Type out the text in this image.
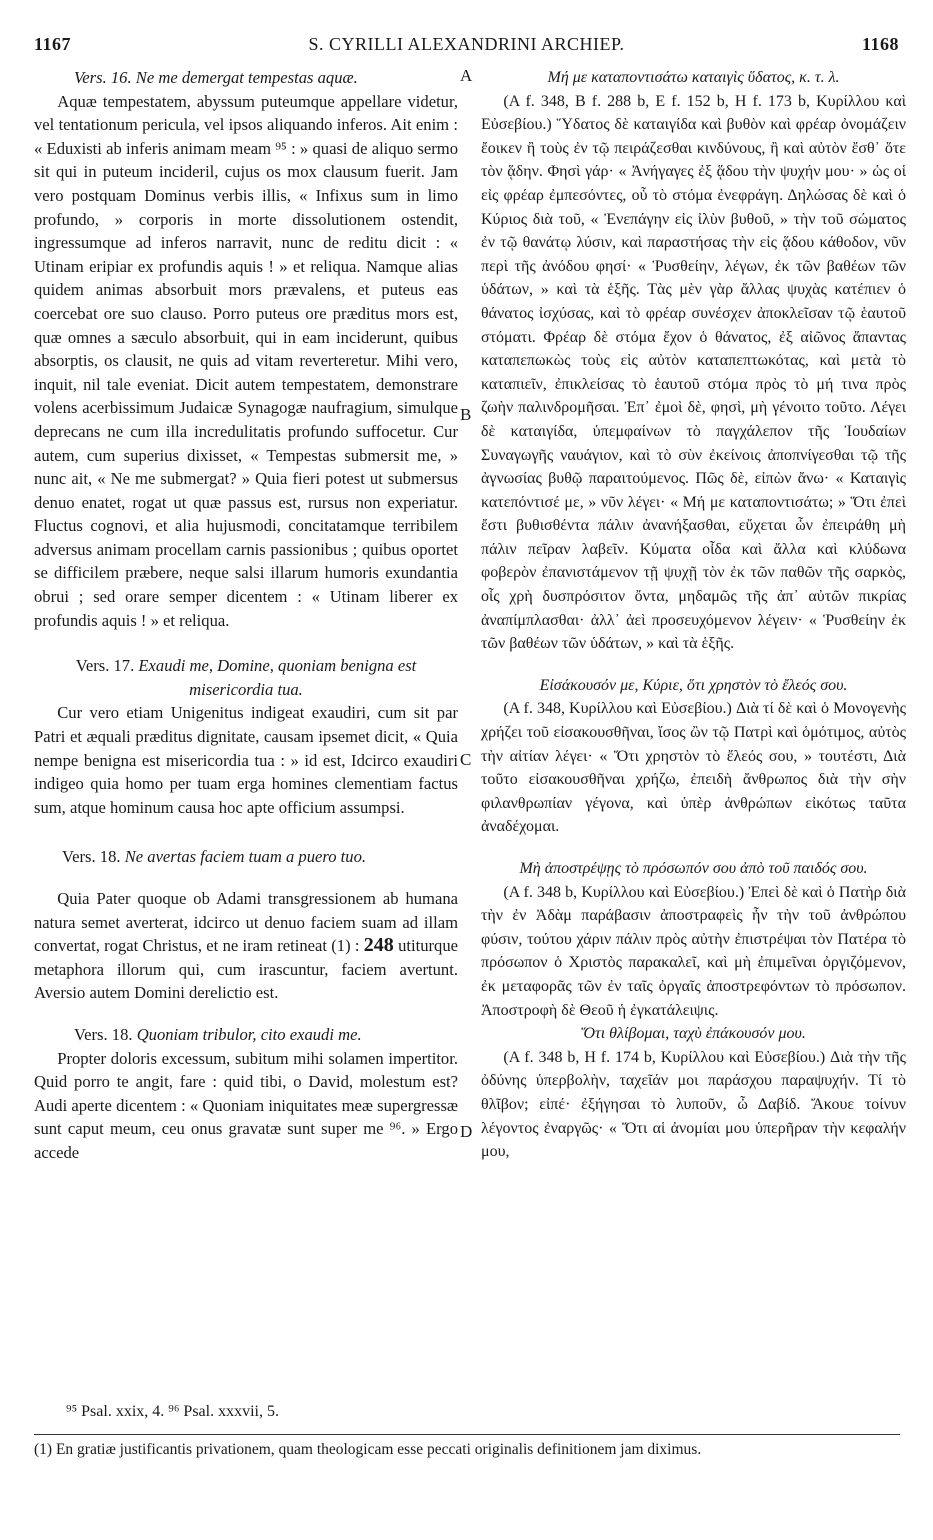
1167	S. CYRILLI ALEXANDRINI ARCHIEP.	1168
A
B
C
D

Vers. 16. Ne me demergat tempestas aquæ.

Aquæ tempestatem, abyssum puteumque appellare videtur, vel tentationum pericula, vel ipsos aliquando inferos. Ait enim : « Eduxisti ab inferis animam meam ⁹⁵ : » quasi de aliquo sermo sit qui in puteum incideril, cujus os mox clausum fuerit. Jam vero postquam Dominus verbis illis, « Infixus sum in limo profundo, » corporis in morte dissolutionem ostendit, ingressumque ad inferos narravit, nunc de reditu dicit : « Utinam eripiar ex profundis aquis ! » et reliqua. Namque alias quidem animas absorbuit mors prævalens, et puteus eas coercebat ore suo clauso. Porro puteus ore præditus mors est, quæ omnes a sæculo absorbuit, qui in eam inciderunt, quibus absorptis, os clausit, ne quis ad vitam reverteretur. Mihi vero, inquit, nil tale eveniat. Dicit autem tempestatem, demonstrare volens acerbissimum Judaicæ Synagogæ naufragium, simulque deprecans ne cum illa incredulitatis profundo suffocetur. Cur autem, cum superius dixisset, « Tempestas submersit me, » nunc ait, « Ne me submergat? » Quia fieri potest ut submersus denuo enatet, rogat ut quæ passus est, rursus non experiatur. Fluctus cognovi, et alia hujusmodi, concitatamque terribilem adversus animam procellam carnis passionibus ; quibus oportet se difficilem præbere, neque salsi illarum humoris exundantia obrui ; sed orare semper dicentem : « Utinam liberer ex profundis aquis ! » et reliqua.

Vers. 17. Exaudi me, Domine, quoniam benigna est misericordia tua.

Cur vero etiam Unigenitus indigeat exaudiri, cum sit par Patri et æquali præditus dignitate, causam ipsemet dicit, « Quia nempe benigna est misericordia tua : » id est, Idcirco exaudiri indigeo quia homo per tuam erga homines clementiam factus sum, atque hominum causa hoc apte officium assumpsi.

Vers. 18. Ne avertas faciem tuam a puero tuo.

Quia Pater quoque ob Adami transgressionem ab humana natura semet averterat, idcirco ut denuo faciem suam ad illam convertat, rogat Christus, et ne iram retineat (1) : 248 utiturque metaphora illorum qui, cum irascuntur, faciem avertunt. Aversio autem Domini derelictio est.

Vers. 18. Quoniam tribulor, cito exaudi me.

Propter doloris excessum, subitum mihi solamen impertitor. Quid porro te angit, fare : quid tibi, o David, molestum est? Audi aperte dicentem : « Quoniam iniquitates meæ supergressæ sunt caput meum, ceu onus gravatæ sunt super me ⁹⁶. » Ergo accede

Μή με καταποντισάτω καταιγὶς ὕδατος, κ. τ. λ.

(A f. 348, B f. 288 b, E f. 152 b, H f. 173 b, Κυρίλλου καὶ Εὐσεβίου.) Ὕδατος δὲ καταιγίδα καὶ βυθὸν καὶ φρέαρ ὀνομάζειν ἔοικεν ἢ τοὺς ἐν τῷ πειράζεσθαι κινδύνους, ἢ καὶ αὐτὸν ἔσθ᾿ ὅτε τὸν ᾅδην. Φησὶ γάρ· « Ἀνήγαγες ἐξ ᾅδου τὴν ψυχήν μου· » ὡς οἱ εἰς φρέαρ ἐμπεσόντες, οὗ τὸ στόμα ἐνεφράγη. Δηλώσας δὲ καὶ ὁ Κύριος διὰ τοῦ, « Ἐνεπάγην εἰς ἰλὺν βυθοῦ, » τὴν τοῦ σώματος ἐν τῷ θανάτῳ λύσιν, καὶ παραστήσας τὴν εἰς ᾅδου κάθοδον, νῦν περὶ τῆς ἀνόδου φησί· « Ῥυσθείην, λέγων, ἐκ τῶν βαθέων τῶν ὑδάτων, » καὶ τὰ ἑξῆς. Τὰς μὲν γὰρ ἄλλας ψυχὰς κατέπιεν ὁ θάνατος ἰσχύσας, καὶ τὸ φρέαρ συνέσχεν ἀποκλεῖσαν τῷ ἑαυτοῦ στόματι. Φρέαρ δὲ στόμα ἔχον ὁ θάνατος, ἐξ αἰῶνος ἅπαντας καταπεπωκὼς τοὺς εἰς αὐτὸν καταπεπτωκότας, καὶ μετὰ τὸ καταπιεῖν, ἐπικλείσας τὸ ἑαυτοῦ στόμα πρὸς τὸ μή τινα πρὸς ζωὴν παλινδρομῆσαι. Ἐπ᾿ ἐμοὶ δὲ, φησὶ, μὴ γένοιτο τοῦτο. Λέγει δὲ καταιγίδα, ὑπεμφαίνων τὸ παγχάλεπον τῆς Ἰουδαίων Συναγωγῆς ναυάγιον, καὶ τὸ σὺν ἐκείνοις ἀποπνίγεσθαι τῷ τῆς ἀγνωσίας βυθῷ παραιτούμενος. Πῶς δὲ, εἰπὼν ἄνω· « Καταιγὶς κατεπόντισέ με, » νῦν λέγει· « Μή με καταποντισάτω; » Ὅτι ἐπεὶ ἔστι βυθισθέντα πάλιν ἀνανήξασθαι, εὔχεται ὧν ἐπειράθη μὴ πάλιν πεῖραν λαβεῖν. Κύματα οἶδα καὶ ἄλλα καὶ κλύδωνα φοβερὸν ἐπανιστάμενον τῇ ψυχῇ τὸν ἐκ τῶν παθῶν τῆς σαρκὸς, οἷς χρὴ δυσπρόσιτον ὄντα, μηδαμῶς τῆς ἀπ᾿ αὐτῶν πικρίας ἀναπίμπλασθαι· ἀλλ᾿ ἀεὶ προσευχόμενον λέγειν· « Ῥυσθείην ἐκ τῶν βαθέων τῶν ὑδάτων, » καὶ τὰ ἑξῆς.

Εἰσάκουσόν με, Κύριε, ὅτι χρηστὸν τὸ ἔλεός σου.

(A f. 348, Κυρίλλου καὶ Εὐσεβίου.) Διὰ τί δὲ καὶ ὁ Μονογενὴς χρήζει τοῦ εἰσακουσθῆναι, ἴσος ὢν τῷ Πατρὶ καὶ ὁμότιμος, αὐτὸς τὴν αἰτίαν λέγει· « Ὅτι χρηστὸν τὸ ἔλεός σου, » τουτέστι, Διὰ τοῦτο εἰσακουσθῆναι χρήζω, ἐπειδὴ ἄνθρωπος διὰ τὴν σὴν φιλανθρωπίαν γέγονα, καὶ ὑπὲρ ἀνθρώπων εἰκότως ταῦτα ἀναδέχομαι.

Μὴ ἀποστρέψῃς τὸ πρόσωπόν σου ἀπὸ τοῦ παιδός σου.

(A f. 348 b, Κυρίλλου καὶ Εὐσεβίου.) Ἐπεὶ δὲ καὶ ὁ Πατὴρ διὰ τὴν ἐν Ἀδὰμ παράβασιν ἀποστραφεὶς ἦν τὴν τοῦ ἀνθρώπου φύσιν, τούτου χάριν πάλιν πρὸς αὐτὴν ἐπιστρέψαι τὸν Πατέρα τὸ πρόσωπον ὁ Χριστὸς παρακαλεῖ, καὶ μὴ ἐπιμεῖναι ὀργιζόμενον, ἐκ μεταφορᾶς τῶν ἐν ταῖς ὀργαῖς ἀποστρεφόντων τὸ πρόσωπον. Ἀποστροφὴ δὲ Θεοῦ ἡ ἐγκατάλειψις.

Ὅτι θλίβομαι, ταχὺ ἐπάκουσόν μου.

(A f. 348 b, H f. 174 b, Κυρίλλου καὶ Εὐσεβίου.) Διὰ τὴν τῆς ὀδύνης ὑπερβολὴν, ταχεῖάν μοι παράσχου παραψυχήν. Τί τὸ θλῖβον; εἰπέ· ἐξήγησαι τὸ λυποῦν, ὦ Δαβίδ. Ἄκουε τοίνυν λέγοντος ἐναργῶς· « Ὅτι αἱ ἀνομίαι μου ὑπερῆραν τὴν κεφαλήν μου,

⁹⁵ Psal. xxix, 4. ⁹⁶ Psal. xxxvii, 5.
(1) En gratiæ justificantis privationem, quam theologicam esse peccati originalis definitionem jam diximus.
